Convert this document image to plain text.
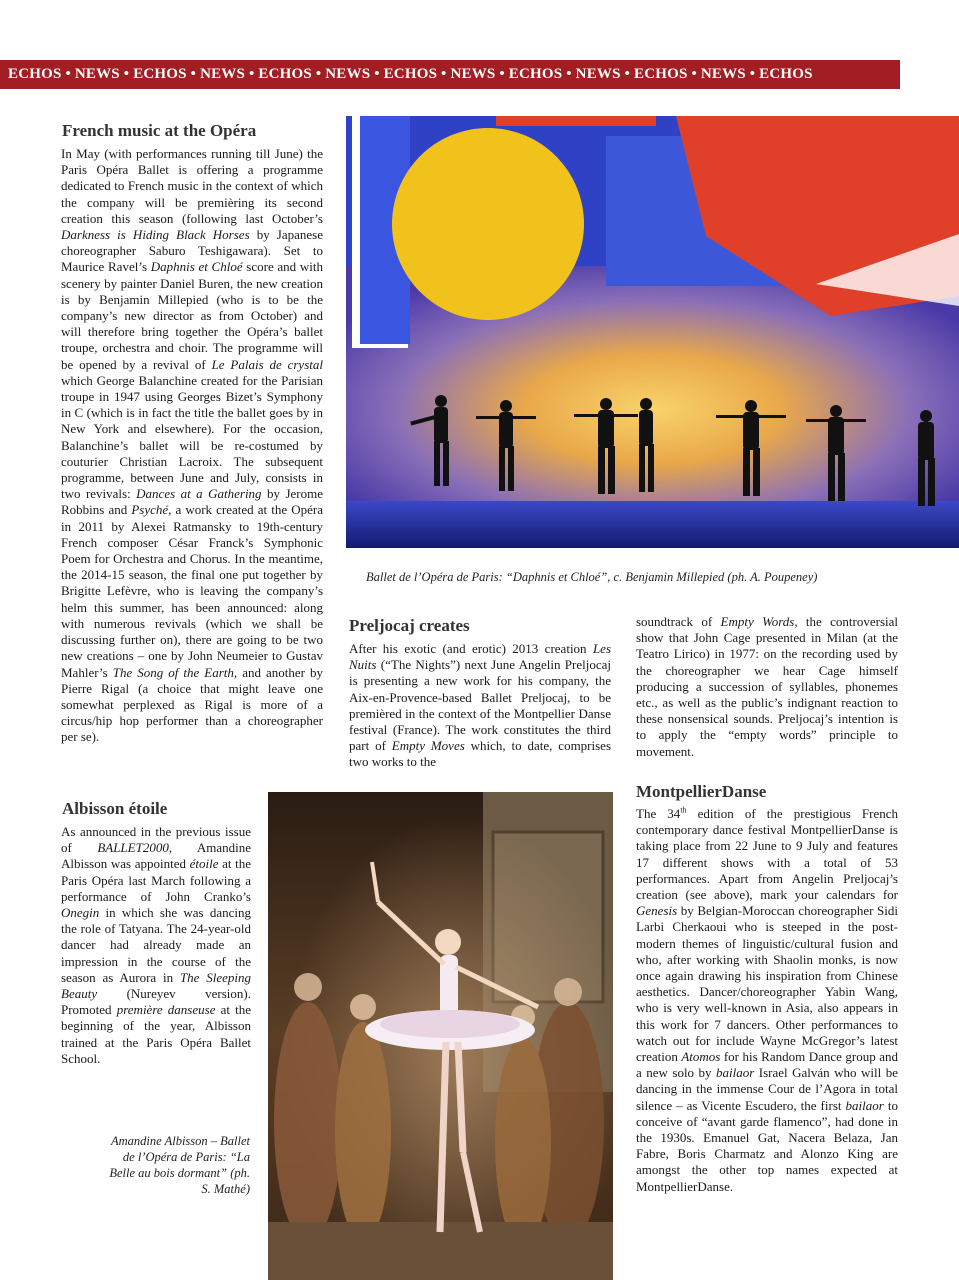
ECHOS • NEWS • ECHOS • NEWS • ECHOS • NEWS • ECHOS • NEWS • ECHOS • NEWS • ECHOS • NEWS • ECHOS
French music at the Opéra
In May (with performances running till June) the Paris Opéra Ballet is offering a programme dedicated to French music in the context of which the company will be premièring its second creation this season (following last October’s Darkness is Hiding Black Horses by Japanese choreographer Saburo Teshigawara). Set to Maurice Ravel’s Daphnis et Chloé score and with scenery by painter Daniel Buren, the new creation is by Benjamin Millepied (who is to be the company’s new director as from October) and will therefore bring together the Opéra’s ballet troupe, orchestra and choir. The programme will be opened by a revival of Le Palais de crystal which George Balanchine created for the Parisian troupe in 1947 using Georges Bizet’s Symphony in C (which is in fact the title the ballet goes by in New York and elsewhere). For the occasion, Balanchine’s ballet will be re-costumed by couturier Christian Lacroix. The subsequent programme, between June and July, consists in two revivals: Dances at a Gathering by Jerome Robbins and Psyché, a work created at the Opéra in 2011 by Alexei Ratmansky to 19th-century French composer César Franck’s Symphonic Poem for Orchestra and Chorus. In the meantime, the 2014-15 season, the final one put together by Brigitte Lefèvre, who is leaving the company’s helm this summer, has been announced: along with numerous revivals (which we shall be discussing further on), there are going to be two new creations – one by John Neumeier to Gustav Mahler’s The Song of the Earth, and another by Pierre Rigal (a choice that might leave one somewhat perplexed as Rigal is more of a circus/hip hop performer than a choreographer per se).

Ballet de l’Opéra de Paris: “Daphnis et Chloé”, c. Benjamin Millepied (ph. A. Poupeney)

Preljocaj creates
After his exotic (and erotic) 2013 creation Les Nuits (“The Nights”) next June Angelin Preljocaj is presenting a new work for his company, the Aix-en-Provence-based Ballet Preljocaj, to be premièred in the context of the Montpellier Danse festival (France). The work constitutes the third part of Empty Moves which, to date, comprises two works to the
soundtrack of Empty Words, the controversial show that John Cage presented in Milan (at the Teatro Lirico) in 1977: on the recording used by the choreographer we hear Cage himself producing a succession of syllables, phonemes etc., as well as the public’s indignant reaction to these nonsensical sounds. Preljocaj’s intention is to apply the “empty words” principle to movement.
Albisson étoile
As announced in the previous issue of BALLET2000, Amandine Albisson was appointed étoile at the Paris Opéra last March following a performance of John Cranko’s Onegin in which she was dancing the role of Tatyana. The 24-year-old dancer had already made an impression in the course of the season as Aurora in The Sleeping Beauty (Nureyev version). Promoted première danseuse at the beginning of the year, Albisson trained at the Paris Opéra Ballet School.

Amandine Albisson – Ballet de l’Opéra de Paris: “La Belle au bois dormant” (ph. S. Mathé)

MontpellierDanse
The 34th edition of the prestigious French contemporary dance festival MontpellierDanse is taking place from 22 June to 9 July and features 17 different shows with a total of 53 performances. Apart from Angelin Preljocaj’s creation (see above), mark your calendars for Genesis by Belgian-Moroccan choreographer Sidi Larbi Cherkaoui who is steeped in the post-modern themes of linguistic/cultural fusion and who, after working with Shaolin monks, is now once again drawing his inspiration from Chinese aesthetics. Dancer/choreographer Yabin Wang, who is very well-known in Asia, also appears in this work for 7 dancers. Other performances to watch out for include Wayne McGregor’s latest creation Atomos for his Random Dance group and a new solo by bailaor Israel Galván who will be dancing in the immense Cour de l’Agora in total silence – as Vicente Escudero, the first bailaor to conceive of “avant garde flamenco”, had done in the 1930s. Emanuel Gat, Nacera Belaza, Jan Fabre, Boris Charmatz and Alonzo King are amongst the other top names expected at MontpellierDanse.
